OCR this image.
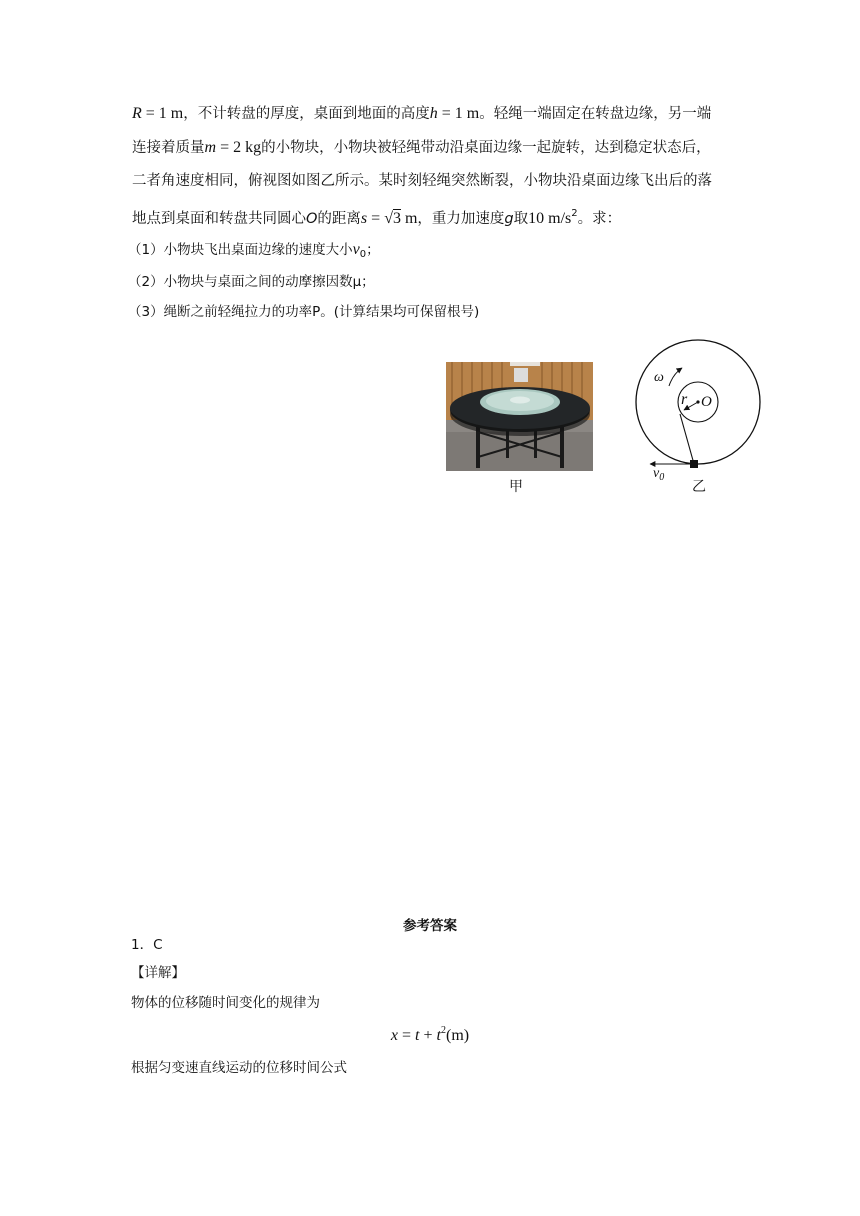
R = 1 m，不计转盘的厚度，桌面到地面的高度h = 1 m。轻绳一端固定在转盘边缘，另一端
连接着质量m = 2 kg的小物块，小物块被轻绳带动沿桌面边缘一起旋转，达到稳定状态后，
二者角速度相同，俯视图如图乙所示。某时刻轻绳突然断裂，小物块沿桌面边缘飞出后的落
地点到桌面和转盘共同圆心O的距离s = √3 m，重力加速度g取10 $m/s^2$。求：
（1）小物块飞出桌面边缘的速度大小$v_0$；
（2）小物块与桌面之间的动摩擦因数μ；
（3）绳断之前轻绳拉力的功率P。(计算结果均可保留根号)
甲
ω
r O
$v_0$
乙
参考答案
1．C
【详解】
物体的位移随时间变化的规律为
$x = t + t^2(m)$
根据匀变速直线运动的位移时间公式
